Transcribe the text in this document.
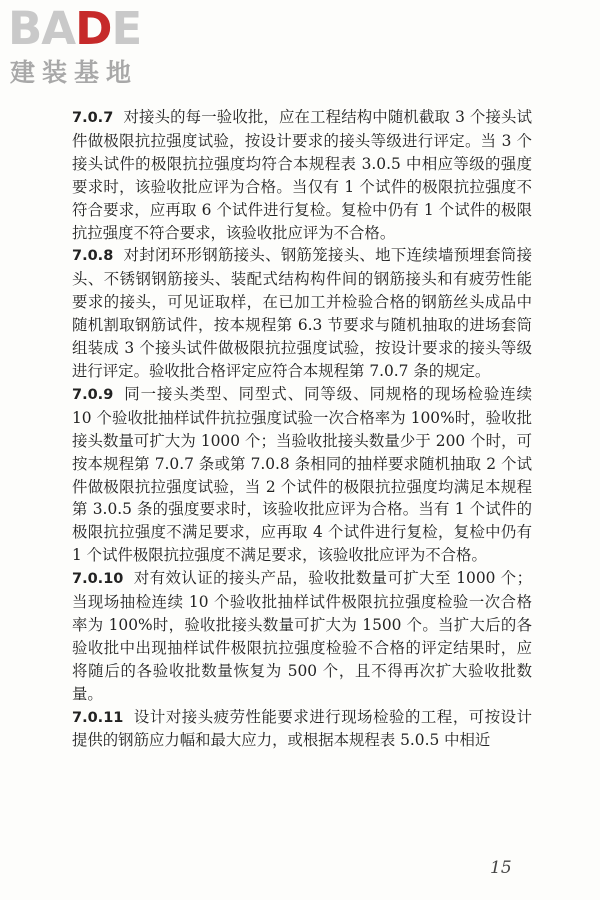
BADE
建装基地

7.0.7 对接头的每一验收批，应在工程结构中随机截取 3 个接头试件做极限抗拉强度试验，按设计要求的接头等级进行评定。当 3 个接头试件的极限抗拉强度均符合本规程表 3.0.5 中相应等级的强度要求时，该验收批应评为合格。当仅有 1 个试件的极限抗拉强度不符合要求，应再取 6 个试件进行复检。复检中仍有 1 个试件的极限抗拉强度不符合要求，该验收批应评为不合格。

7.0.8 对封闭环形钢筋接头、钢筋笼接头、地下连续墙预埋套筒接头、不锈钢钢筋接头、装配式结构构件间的钢筋接头和有疲劳性能要求的接头，可见证取样，在已加工并检验合格的钢筋丝头成品中随机割取钢筋试件，按本规程第 6.3 节要求与随机抽取的进场套筒组装成 3 个接头试件做极限抗拉强度试验，按设计要求的接头等级进行评定。验收批合格评定应符合本规程第 7.0.7 条的规定。

7.0.9 同一接头类型、同型式、同等级、同规格的现场检验连续 10 个验收批抽样试件抗拉强度试验一次合格率为 100%时，验收批接头数量可扩大为 1000 个；当验收批接头数量少于 200 个时，可按本规程第 7.0.7 条或第 7.0.8 条相同的抽样要求随机抽取 2 个试件做极限抗拉强度试验，当 2 个试件的极限抗拉强度均满足本规程第 3.0.5 条的强度要求时，该验收批应评为合格。当有 1 个试件的极限抗拉强度不满足要求，应再取 4 个试件进行复检，复检中仍有 1 个试件极限抗拉强度不满足要求，该验收批应评为不合格。

7.0.10 对有效认证的接头产品，验收批数量可扩大至 1000 个；当现场抽检连续 10 个验收批抽样试件极限抗拉强度检验一次合格率为 100%时，验收批接头数量可扩大为 1500 个。当扩大后的各验收批中出现抽样试件极限抗拉强度检验不合格的评定结果时，应将随后的各验收批数量恢复为 500 个，且不得再次扩大验收批数量。

7.0.11 设计对接头疲劳性能要求进行现场检验的工程，可按设计提供的钢筋应力幅和最大应力，或根据本规程表 5.0.5 中相近

15
